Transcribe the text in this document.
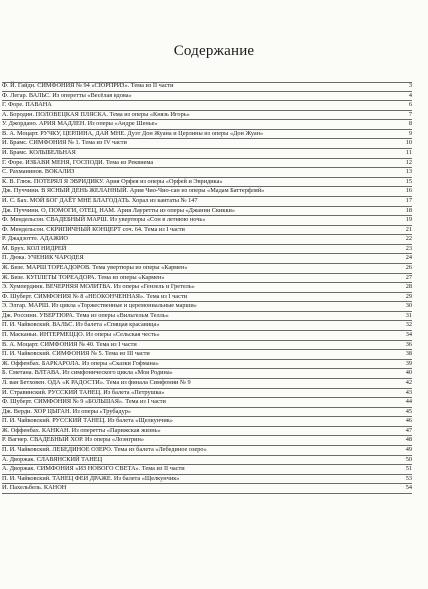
Содержание
Ф. Й. Гайдн. СИМФОНИЯ № 94 «СЮРПРИЗ». Тема из II части	3
Ф. Легар. ВАЛЬС. Из оперетты «Весёлая вдова»	4
Г. Форе. ПАВАНА	6
А. Бородин. ПОЛОВЕЦКАЯ ПЛЯСКА. Тема из оперы «Князь Игорь»	7
У. Джордано. АРИЯ МАДЛЕН. Из оперы «Андре Шенье»	8
В. А. Моцарт. РУЧКУ, ЦЕРЛИНА, ДАЙ МНЕ. Дуэт Дон Жуана и Церлины из оперы «Дон Жуан»	9
И. Брамс. СИМФОНИЯ № 1. Тема из IV части	10
И. Брамс. КОЛЫБЕЛЬНАЯ	11
Г. Форе. ИЗБАВИ МЕНЯ, ГОСПОДИ. Тема из Реквиема	12
С. Рахманинов. ВОКАЛИЗ	13
К. В. Глюк. ПОТЕРЯЛ Я ЭВРИДИКУ. Ария Орфея из оперы «Орфей и Эвридика»	15
Дж. Пуччини. В ЯСНЫЙ ДЕНЬ ЖЕЛАННЫЙ. Ария Чио-Чио-сан из оперы «Мадам Баттерфляй»	16
И. С. Бах. МОЙ БОГ ДАЁТ МНЕ БЛАГОДАТЬ. Хорал из кантаты № 147	17
Дж. Пуччини. О, ПОМОГИ, ОТЕЦ, НАМ. Ария Лауретты из оперы «Джанни Скикки»	18
Ф. Мендельсон. СВАДЕБНЫЙ МАРШ. Из увертюры «Сон в летнюю ночь»	19
Ф. Мендельсон. СКРИПИЧНЫЙ КОНЦЕРТ соч. 64. Тема из I части	21
Р. Джадзотто. АДАЖИО	22
М. Брух. КОЛ НИДРЕЙ	23
П. Дюка. УЧЕНИК ЧАРОДЕЯ	24
Ж. Бизе. МАРШ ТОРЕАДОРОВ. Тема увертюры из оперы «Кармен»	26
Ж. Бизе. КУПЛЕТЫ ТОРЕАДОРА. Тема из оперы «Кармен»	27
Э. Хумпердинк. ВЕЧЕРНЯЯ МОЛИТВА. Из оперы «Гензель и Гретель»	28
Ф. Шуберт. СИМФОНИЯ № 8 «НЕОКОНЧЕННАЯ». Тема из I части	29
Э. Элгар. МАРШ. Из цикла «Торжественные и церемониальные марши»	30
Дж. Россини. УВЕРТЮРА. Тема из оперы «Вильгельм Телль»	31
П. И. Чайковский. ВАЛЬС. Из балета «Спящая красавица»	32
П. Масканьи. ИНТЕРМЕЦЦО. Из оперы «Сельская честь»	34
В. А. Моцарт. СИМФОНИЯ № 40. Тема из I части	36
П. И. Чайковский. СИМФОНИЯ № 5. Тема из III части	38
Ж. Оффенбах. БАРКАРОЛА. Из оперы «Сказки Гофмана»	39
Б. Сметана. ВЛТАВА. Из симфонического цикла «Моя Родина»	40
Л. ван Бетховен. ОДА «К РАДОСТИ». Тема из финала Симфонии № 9	42
И. Стравинский. РУССКИЙ ТАНЕЦ. Из балета «Петрушка»	43
Ф. Шуберт. СИМФОНИЯ № 9 «БОЛЬШАЯ». Тема из I части	44
Дж. Верди. ХОР ЦЫГАН. Из оперы «Трубадур»	45
П. И. Чайковский. РУССКИЙ ТАНЕЦ. Из балета «Щелкунчик»	46
Ж. Оффенбах. КАНКАН. Из оперетты «Парижская жизнь»	47
Р. Вагнер. СВАДЕБНЫЙ ХОР. Из оперы «Лоэнгрин»	48
П. И. Чайковский. ЛЕБЕДИНОЕ ОЗЕРО. Тема из балета «Лебединое озеро»	49
А. Дворжак. СЛАВЯНСКИЙ ТАНЕЦ	50
А. Дворжак. СИМФОНИЯ «ИЗ НОВОГО СВЕТА». Тема из II части	51
П. И. Чайковский. ТАНЕЦ ФЕИ ДРАЖЕ. Из балета «Щелкунчик»	53
И. Пахельбель. КАНОН	54
